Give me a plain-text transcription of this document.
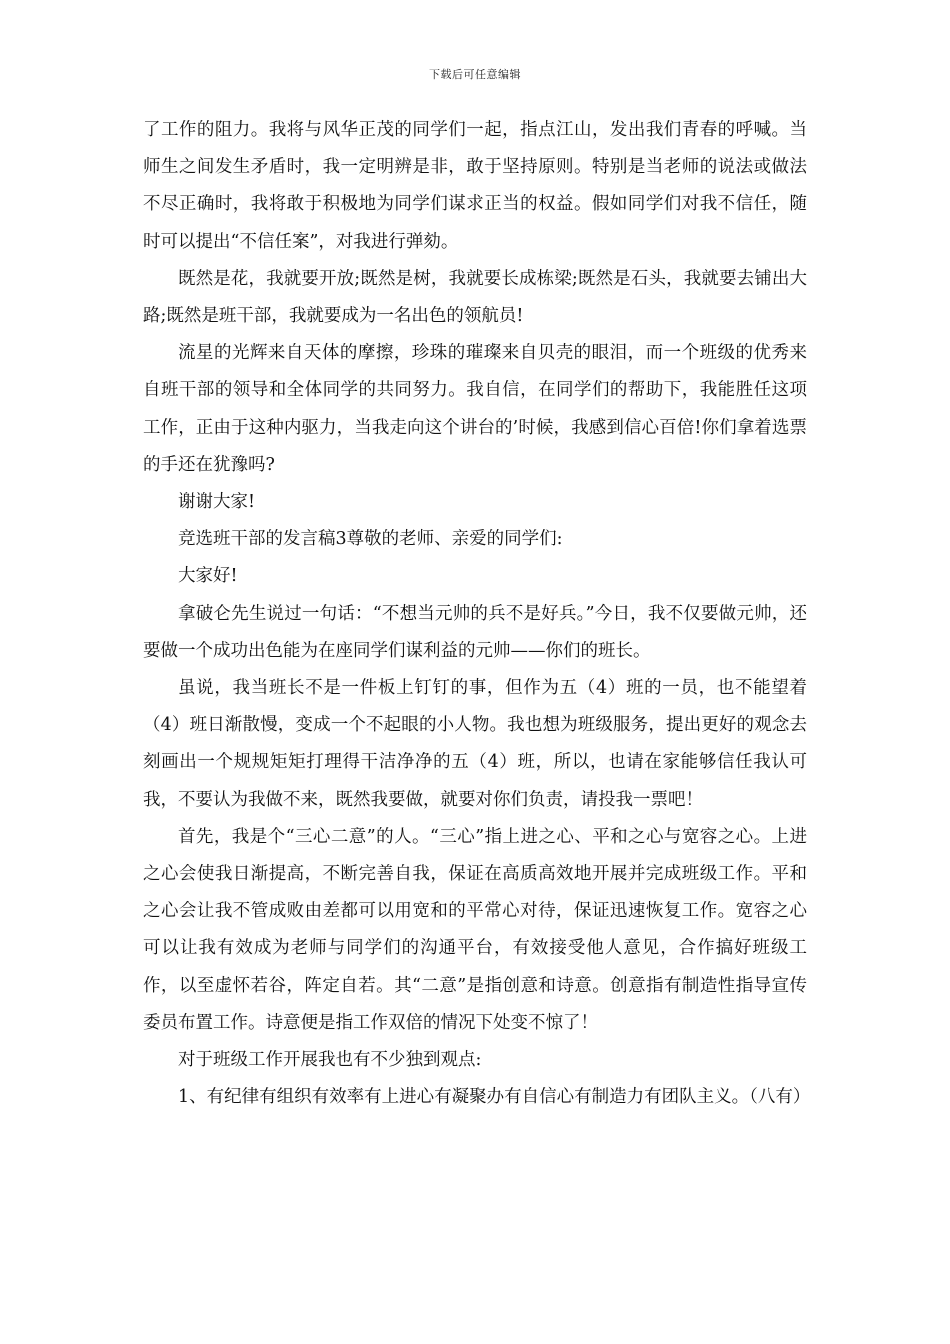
下载后可任意编辑

了工作的阻力。我将与风华正茂的同学们一起，指点江山，发出我们青春的呼喊。当师生之间发生矛盾时，我一定明辨是非，敢于坚持原则。特别是当老师的说法或做法不尽正确时，我将敢于积极地为同学们谋求正当的权益。假如同学们对我不信任，随时可以提出“不信任案”，对我进行弹劾。

既然是花，我就要开放;既然是树，我就要长成栋梁;既然是石头，我就要去铺出大路;既然是班干部，我就要成为一名出色的领航员!

流星的光辉来自天体的摩擦，珍珠的璀璨来自贝壳的眼泪，而一个班级的优秀来自班干部的领导和全体同学的共同努力。我自信，在同学们的帮助下，我能胜任这项工作，正由于这种内驱力，当我走向这个讲台的’时候，我感到信心百倍!你们拿着选票的手还在犹豫吗?

谢谢大家!

竞选班干部的发言稿3尊敬的老师、亲爱的同学们:

大家好!

拿破仑先生说过一句话：“不想当元帅的兵不是好兵。”今日，我不仅要做元帅，还要做一个成功出色能为在座同学们谋利益的元帅——你们的班长。

虽说，我当班长不是一件板上钉钉的事，但作为五（4）班的一员，也不能望着（4）班日渐散慢，变成一个不起眼的小人物。我也想为班级服务，提出更好的观念去刻画出一个规规矩矩打理得干洁净净的五（4）班，所以，也请在家能够信任我认可我，不要认为我做不来，既然我要做，就要对你们负责，请投我一票吧！

首先，我是个“三心二意”的人。“三心”指上进之心、平和之心与宽容之心。上进之心会使我日渐提高，不断完善自我，保证在高质高效地开展并完成班级工作。平和之心会让我不管成败由差都可以用宽和的平常心对待，保证迅速恢复工作。宽容之心可以让我有效成为老师与同学们的沟通平台，有效接受他人意见，合作搞好班级工作，以至虚怀若谷，阵定自若。其“二意”是指创意和诗意。创意指有制造性指导宣传委员布置工作。诗意便是指工作双倍的情况下处变不惊了！

对于班级工作开展我也有不少独到观点:

1、有纪律有组织有效率有上进心有凝聚办有自信心有制造力有团队主义。（八有）
